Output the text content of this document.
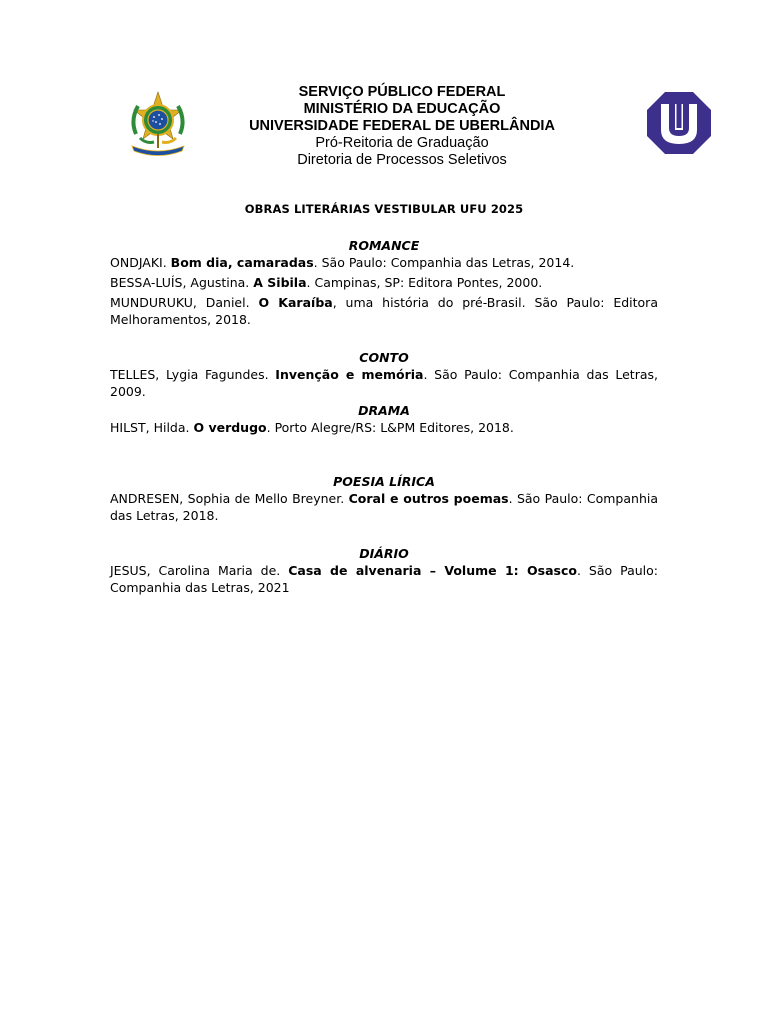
SERVIÇO PÚBLICO FEDERAL
MINISTÉRIO DA EDUCAÇÃO
UNIVERSIDADE FEDERAL DE UBERLÂNDIA
Pró-Reitoria de Graduação
Diretoria de Processos Seletivos
OBRAS LITERÁRIAS VESTIBULAR UFU 2025
ROMANCE
ONDJAKI. Bom dia, camaradas. São Paulo: Companhia das Letras, 2014.
BESSA-LUÍS, Agustina. A Sibila. Campinas, SP: Editora Pontes, 2000.
MUNDURUKU, Daniel. O Karaíba, uma história do pré-Brasil. São Paulo: Editora Melhoramentos, 2018.
CONTO
TELLES, Lygia Fagundes. Invenção e memória. São Paulo: Companhia das Letras, 2009.
DRAMA
HILST, Hilda. O verdugo. Porto Alegre/RS: L&PM Editores, 2018.
POESIA LÍRICA
ANDRESEN, Sophia de Mello Breyner. Coral e outros poemas. São Paulo: Companhia das Letras, 2018.
DIÁRIO
JESUS, Carolina Maria de. Casa de alvenaria – Volume 1: Osasco. São Paulo: Companhia das Letras, 2021
